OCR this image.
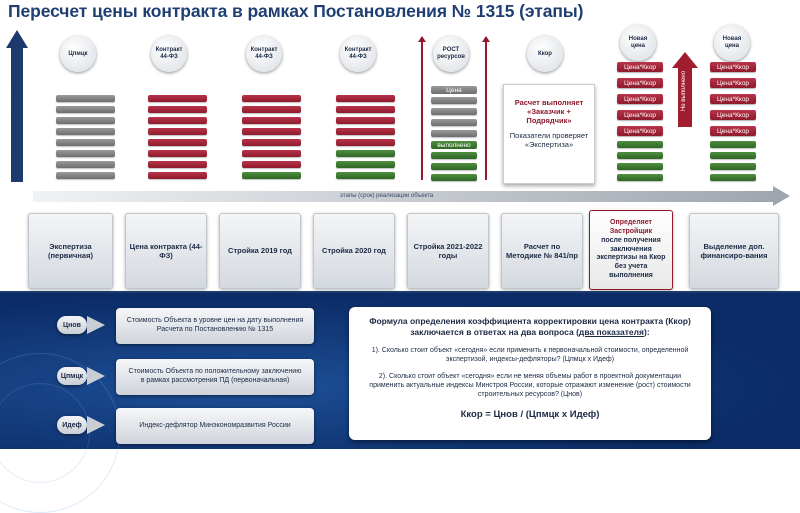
Пересчет цены контракта в рамках Постановления № 1315 (этапы)
Стоимость объекта
Цпмцк
Контракт 44-ФЗ
Контракт 44-ФЗ
Контракт 44-ФЗ
РОСТ ресурсов
Ккор
Новая цена
Новая цена
Цена
выполнено
Расчет выполняет «Заказчик + Подрядчик»
Показатели проверяет «Экспертиза»
Цена*Ккор
Цена*Ккор
Цена*Ккор
Цена*Ккор
Цена*Ккор
Не выполнено
Цена*Ккор
Цена*Ккор
Цена*Ккор
Цена*Ккор
Цена*Ккор
этапы (срок) реализации объекта
Экспертиза (первичная)
Цена контракта (44-ФЗ)
Стройка 2019 год	Стройка 2020 год
Стройка 2021-2022 годы
Расчет по Методике № 841/пр
Определяет Застройщик
после получения заключения экспертизы на Ккор без учета выполнения
Выделение доп. финансиро-вания
Цнов
Стоимость Объекта в уровне цен на дату выполнения Расчета по Постановлению № 1315
Цпмцк
Стоимость Объекта по положительному заключению в рамках рассмотрения ПД (первоначальная)
Идеф	Индекс-дефлятор Минэкономразвития России
Формула определения коэффициента корректировки цена контракта (Ккор)
заключается в ответах на два вопроса (два показателя):
1). Сколько стоит объект «сегодня» если применить к первоначальной стоимости, определенной экспертизой, индексы-дефляторы? (Цпмцк х Идеф)
2). Сколько стоит объект «сегодня» если не меняя объемы работ в проектной документации применить актуальные индексы Минстроя России, которые отражают изменение (рост) стоимости строительных ресурсов? (Цнов)
Ккор = Цнов / (Цпмцк х Идеф)
